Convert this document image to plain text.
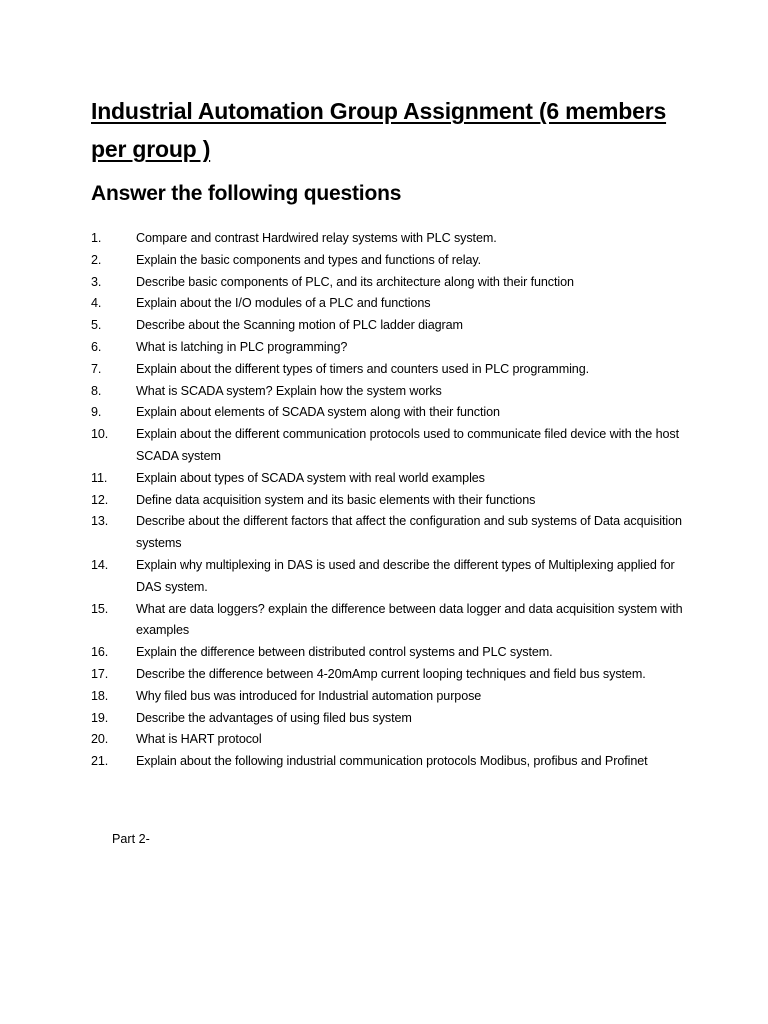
Industrial Automation Group Assignment (6 members per group )
Answer the following questions
1.	Compare and contrast Hardwired relay systems with PLC system.
2.	Explain the basic components and types and functions of relay.
3.	Describe basic components of PLC, and its architecture along with their function
4.	Explain about the I/O modules of a PLC and functions
5.	Describe about the Scanning motion of PLC ladder diagram
6.	What is latching in PLC programming?
7.	Explain about the different types of timers and counters used in PLC programming.
8.	What is SCADA system? Explain how the system works
9.	Explain about elements of SCADA system along with their function
10.	Explain about the different communication protocols used to communicate filed device with the host SCADA system
11.	Explain about types of SCADA system with real world examples
12.	Define data acquisition system and its basic elements with their functions
13.	Describe about the different factors that affect the configuration and sub systems of Data acquisition systems
14.	Explain why multiplexing in DAS is used and describe the different types of Multiplexing applied for DAS system.
15.	What are data loggers? explain the difference between data logger and data acquisition system with examples
16.	Explain the difference between distributed control systems and PLC system.
17.	Describe the difference between 4-20mAmp current looping techniques and field bus system.
18.	Why filed bus was introduced for Industrial automation purpose
19.	Describe the advantages of using filed bus system
20.	What is HART protocol
21.	Explain about the following industrial communication protocols Modibus, profibus and Profinet
Part 2-
